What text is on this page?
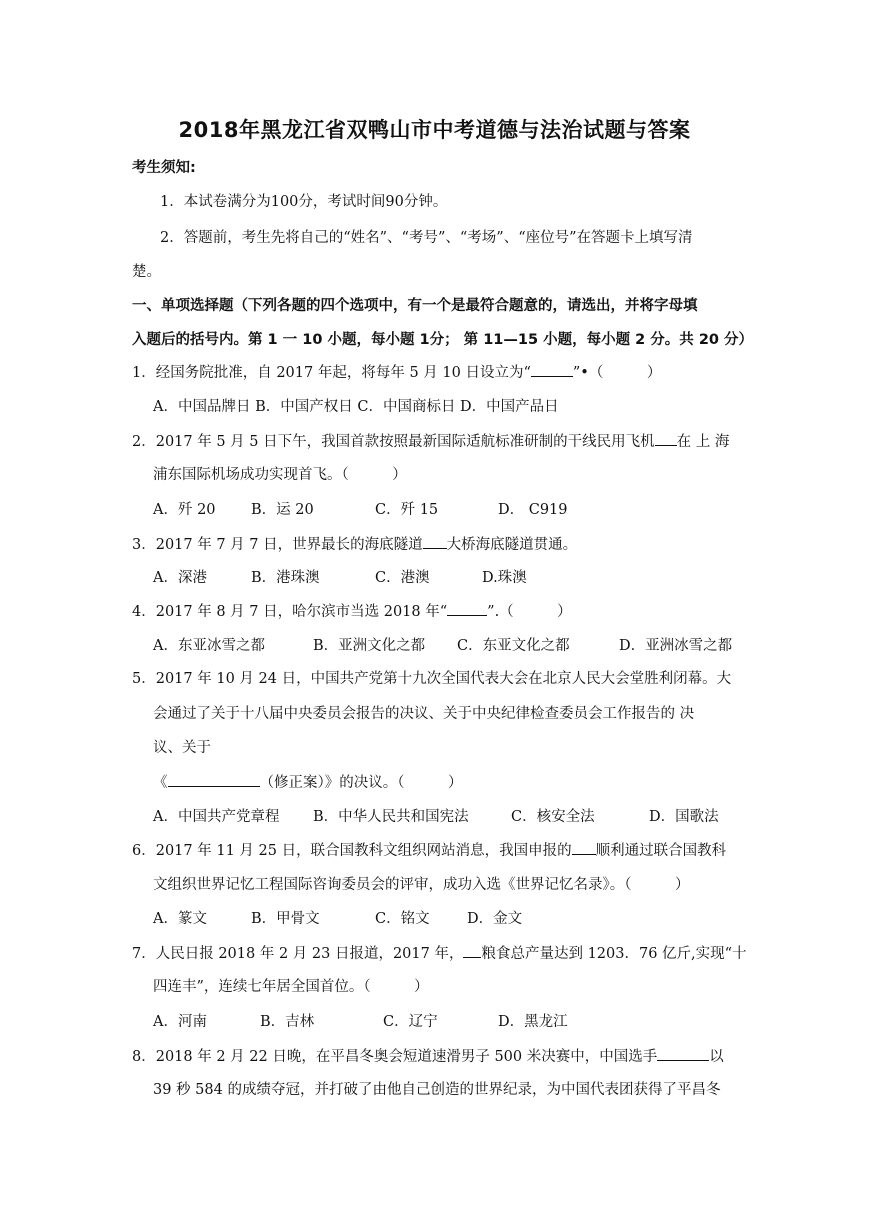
2018年黑龙江省双鸭山市中考道德与法治试题与答案
考生须知:
1．本试卷满分为100分，考试时间90分钟。
2．答题前，考生先将自己的“姓名”、“考号”、“考场”、“座位号”在答题卡上填写清
楚。
一、单项选择题（下列各题的四个选项中，有一个是最符合题意的，请选出，并将字母填
入题后的括号内。第 1 一 10 小题，每小题 1分； 第 11—15 小题，每小题 2 分。共 20 分）
1．经国务院批准，自 2017 年起，将每年 5 月 10 日设立为“	”•（　　　）
A．中国品牌日 B．中国产权日 C．中国商标日 D．中国产品日
2．2017 年 5 月 5 日下午，我国首款按照最新国际适航标准研制的干线民用飞机 在 上 海
浦东国际机场成功实现首飞。（　　　）
A．歼 20 B．运 20	C．歼 15	D． C919
3．2017 年 7 月 7 日，世界最长的海底隧道 大桥海底隧道贯通。
A．深港	B．港珠澳	C．港澳	D.珠澳
4．2017 年 8 月 7 日，哈尔滨市当选 2018 年“	”.（　　　）
A．东亚冰雪之都	B．亚洲文化之都 C．东亚文化之都	D．亚洲冰雪之都
5．2017 年 10 月 24 日，中国共产党第十九次全国代表大会在北京人民大会堂胜利闭幕。大
会通过了关于十八届中央委员会报告的决议、关于中央纪律检查委员会工作报告的 决
议、关于
《	（修正案）》的决议。（　　　）
A．中国共产党章程 B．中华人民共和国宪法	C．核安全法	D．国歌法
6．2017 年 11 月 25 日，联合国教科文组织网站消息，我国申报的 顺利通过联合国教科
文组织世界记忆工程国际咨询委员会的评审，成功入选《世界记忆名录》。（　　　）
A．篆文	B．甲骨文	C．铭文	D．金文
7．人民日报 2018 年 2 月 23 日报道，2017 年， 粮食总产量达到 1203．76 亿斤,实现“十
四连丰”，连续七年居全国首位。（　　　）
A．河南	B．吉林	C．辽宁	D．黑龙江
8．2018 年 2 月 22 日晚，在平昌冬奥会短道速滑男子 500 米决赛中，中国选手	以
39 秒 584 的成绩夺冠，并打破了由他自己创造的世界纪录，为中国代表团获得了平昌冬
